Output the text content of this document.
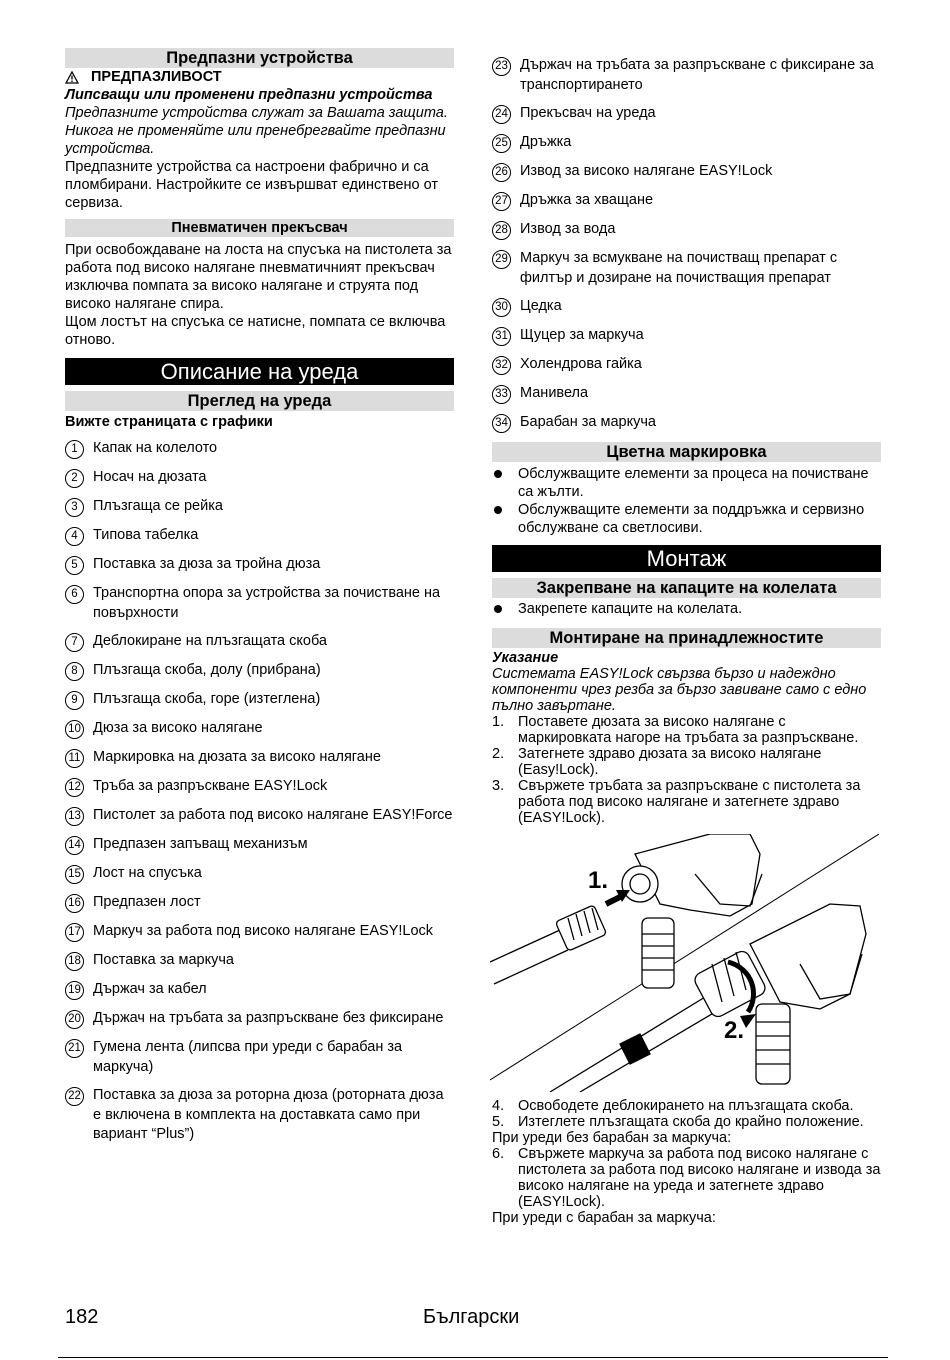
Предпазни устройства
ПРЕДПАЗЛИВОСТ

Липсващи или променени предпазни устройства

Предпазните устройства служат за Вашата защита.

Никога не променяйте или пренебрегвайте предпазни устройства.

Предпазните устройства са настроени фабрично и са пломбирани. Настройките се извършват единствено от сервиза.

Пневматичен прекъсвач

При освобождаване на лоста на спусъка на пистолета за работа под високо налягане пневматичният прекъсвач изключва помпата за високо налягане и струята под високо налягане спира.

Щом лостът на спусъка се натисне, помпата се включва отново.

Описание на уреда
Преглед на уреда

Вижте страницата с графики

1	Капак на колелото
2	Носач на дюзата
3	Плъзгаща се рейка
4	Типова табелка
5	Поставка за дюза за тройна дюза
6	Транспортна опора за устройства за почистване на повърхности
7	Деблокиране на плъзгащата скоба
8	Плъзгаща скоба, долу (прибрана)
9	Плъзгаща скоба, горе (изтеглена)
10 Дюза за високо налягане
11 Маркировка на дюзата за високо налягане
12 Тръба за разпръскване EASY!Lock
13 Пистолет за работа под високо налягане EASY!Force
14 Предпазен запъващ механизъм
15 Лост на спусъка
16 Предпазен лост
17 Маркуч за работа под високо налягане EASY!Lock
18 Поставка за маркуча
19 Държач за кабел
20 Държач на тръбата за разпръскване без фиксиране
21 Гумена лента (липсва при уреди с барабан за маркуча)
22 Поставка за дюза за роторна дюза (роторната дюза е включена в комплекта на доставката само при вариант “Plus”)
23 Държач на тръбата за разпръскване с фиксиране за транспортирането
24 Прекъсвач на уреда
25 Дръжка
26 Извод за високо налягане EASY!Lock
27 Дръжка за хващане
28 Извод за вода
29 Маркуч за всмукване на почистващ препарат с филтър и дозиране на почистващия препарат
30 Цедка
31 Щуцер за маркуча
32 Холендрова гайка
33 Манивела
34 Барабан за маркуча
Цветна маркировка
Обслужващите елементи за процеса на почистване са жълти.
Обслужващите елементи за поддръжка и сервизно обслужване са светлосиви.
Монтаж
Закрепване на капаците на колелата
Закрепете капаците на колелата.
Монтиране на принадлежностите

Указание

Системата EASY!Lock свързва бързо и надеждно компоненти чрез резба за бързо завиване само с едно пълно завъртане.

1. Поставете дюзата за високо налягане с маркировката нагоре на тръбата за разпръскване.
2. Затегнете здраво дюзата за високо налягане (Easy!Lock).
3. Свържете тръбата за разпръскване с пистолета за работа под високо налягане и затегнете здраво (EASY!Lock).
1.
2.
4. Освободете деблокирането на плъзгащата скоба.
5. Изтеглете плъзгащата скоба до крайно положение.

При уреди без барабан за маркуча:

6. Свържете маркуча за работа под високо налягане с пистолета за работа под високо налягане и извода за високо налягане на уреда и затегнете здраво (EASY!Lock).

При уреди с барабан за маркуча:

182	Български
